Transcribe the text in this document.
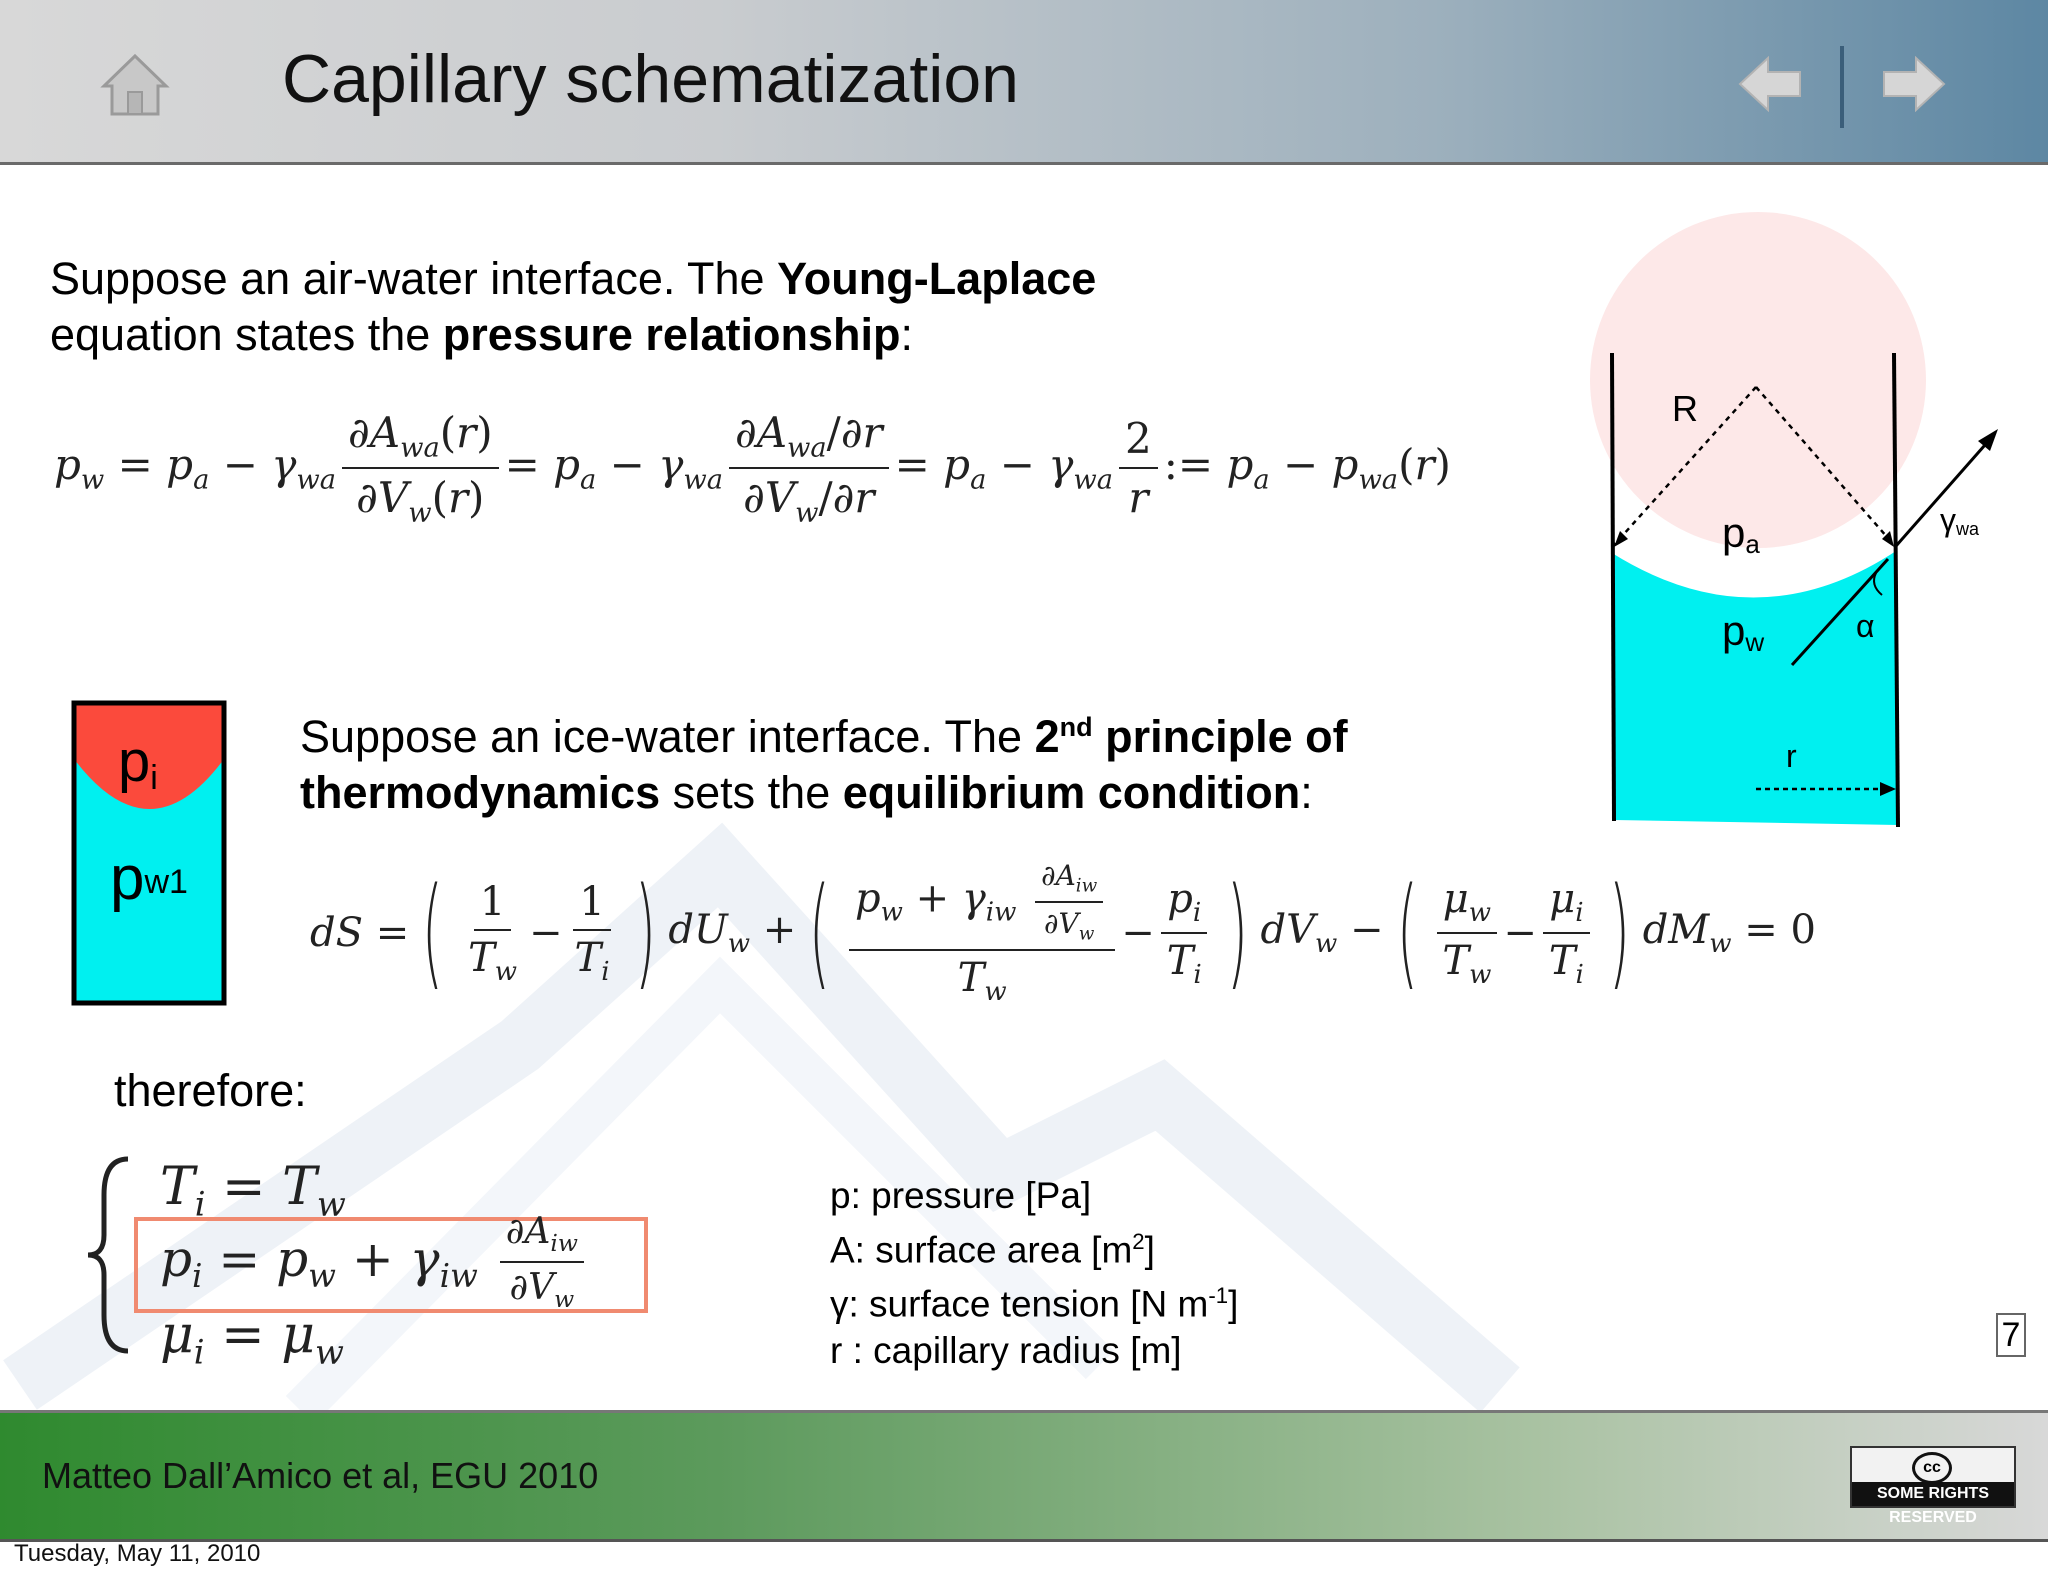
Capillary schematization
Suppose an air-water interface. The Young-Laplace
equation states the pressure relationship:
$p_w = p_a - \gamma_{wa} \frac{\partial A_{wa}(r)}{\partial V_w(r)} = p_a - \gamma_{wa} \frac{\partial A_{wa}/\partial r}{\partial V_w/\partial r} = p_a - \gamma_{wa} \frac{2}{r}$ := $p_a - p_{wa}(r)$
R
pa
pw	α
r
γwa
pi
pw1
Suppose an ice-water interface. The 2nd principle of
thermodynamics sets the equilibrium condition:
dS = ( $\frac{1}{T_w} - \frac{1}{T_i}$ ) $dU_w$ + ( $\frac{p_w + \gamma_{iw} \frac{\partial A_{iw}}{\partial V_w}}{T_w} - \frac{p_i}{T_i}$ ) $dV_w$ − ( $\frac{\mu_w}{T_w} - \frac{\mu_i}{T_i}$ ) $dM_w = 0$
therefore:
$T_i = T_w$
$p_i = p_w + \gamma_{iw} \frac{\partial A_{iw}}{\partial V_w}$
$\mu_i = \mu_w$
p: pressure [Pa]
A: surface area $[m^2]$
γ: surface tension [N $m^{-1}$]
r : capillary radius [m]	7
Matteo Dall’Amico et al, EGU 2010	cc
SOME RIGHTS RESERVED
Tuesday, May 11, 2010
